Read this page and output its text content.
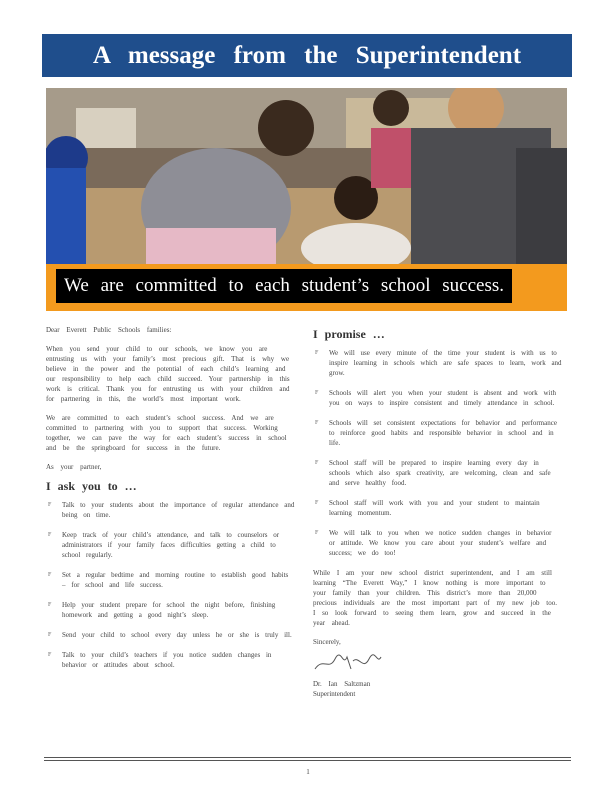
A message from the Superintendent
We are committed to each student’s school success.

Dear Everett Public Schools families:

When you send your child to our schools, we know you are entrusting us with your family’s most precious gift. That is why we believe in the power and the potential of each child’s learning and our responsibility to help each child succeed. Your partnership in this work is critical. Thank you for entrusting us with your children and for partnering in this, the world’s most important work.

We are committed to each student’s school success. And we are committed to partnering with you to support that success. Working together, we can pave the way for each student’s success in school and be the springboard for success in the future.

As your partner,

I ask you to …
F Talk to your students about the importance of regular attendance and being on time.
F Keep track of your child’s attendance, and talk to counselors or administrators if your family faces difficulties getting a child to school regularly.
F Set a regular bedtime and morning routine to establish good habits – for school and life success.
F Help your student prepare for school the night before, finishing homework and getting a good night’s sleep.
F Send your child to school every day unless he or she is truly ill.
F Talk to your child’s teachers if you notice sudden changes in behavior or attitudes about school.
I promise …
F We will use every minute of the time your student is with us to inspire learning in schools which are safe spaces to learn, work and grow.
F Schools will alert you when your student is absent and work with you on ways to inspire consistent and timely attendance in school.
F Schools will set consistent expectations for behavior and performance to reinforce good habits and responsible behavior in school and in life.
F School staff will be prepared to inspire learning every day in schools which also spark creativity, are welcoming, clean and safe and serve healthy food.
F School staff will work with you and your student to maintain learning momentum.
F We will talk to you when we notice sudden changes in behavior or attitude. We know you care about your student’s welfare and success; we do too!

While I am your new school district superintendent, and I am still learning “The Everett Way,” I know nothing is more important to your family than your children. This district’s more than 20,000 precious individuals are the most important part of my new job too. I so look forward to seeing them learn, grow and succeed in the year ahead.

Sincerely,

Dr. Ian Saltzman

Superintendent

1
